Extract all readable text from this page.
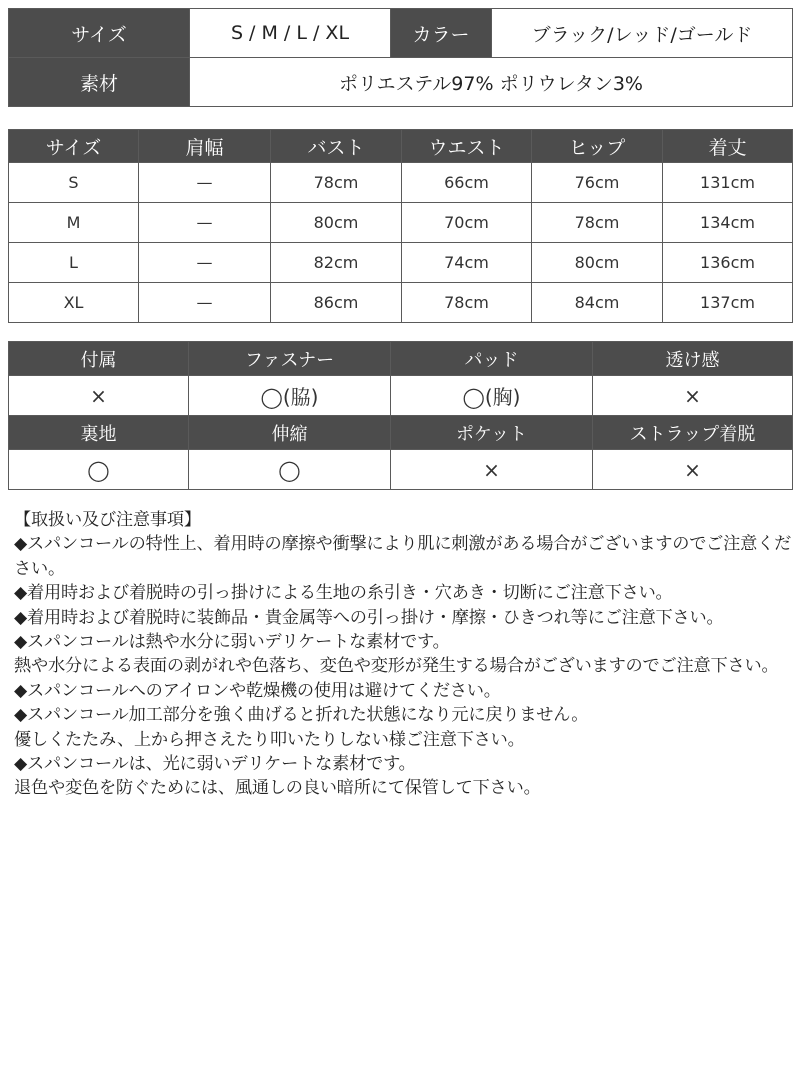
サイズ	S / M / L / XL	カラー	ブラック/レッド/ゴールド
素材	ポリエステル97% ポリウレタン3%		
サイズ	肩幅	バスト	ウエスト	ヒップ	着丈
S	—	78cm	66cm	76cm	131cm
M	—	80cm	70cm	78cm	134cm
L	—	82cm	74cm	80cm	136cm
XL	—	86cm	78cm	84cm	137cm
付属	ファスナー	パッド	透け感
×	◯(脇)	◯(胸)	×
裏地	伸縮	ポケット	ストラップ着脱
◯	◯	×	×

【取扱い及び注意事項】

◆スパンコールの特性上、着用時の摩擦や衝撃により肌に刺激がある場合がございますのでご注意ください。

◆着用時および着脱時の引っ掛けによる生地の糸引き・穴あき・切断にご注意下さい。

◆着用時および着脱時に装飾品・貴金属等への引っ掛け・摩擦・ひきつれ等にご注意下さい。

◆スパンコールは熱や水分に弱いデリケートな素材です。

熱や水分による表面の剥がれや色落ち、変色や変形が発生する場合がございますのでご注意下さい。

◆スパンコールへのアイロンや乾燥機の使用は避けてください。

◆スパンコール加工部分を強く曲げると折れた状態になり元に戻りません。

優しくたたみ、上から押さえたり叩いたりしない様ご注意下さい。

◆スパンコールは、光に弱いデリケートな素材です。

退色や変色を防ぐためには、風通しの良い暗所にて保管して下さい。
